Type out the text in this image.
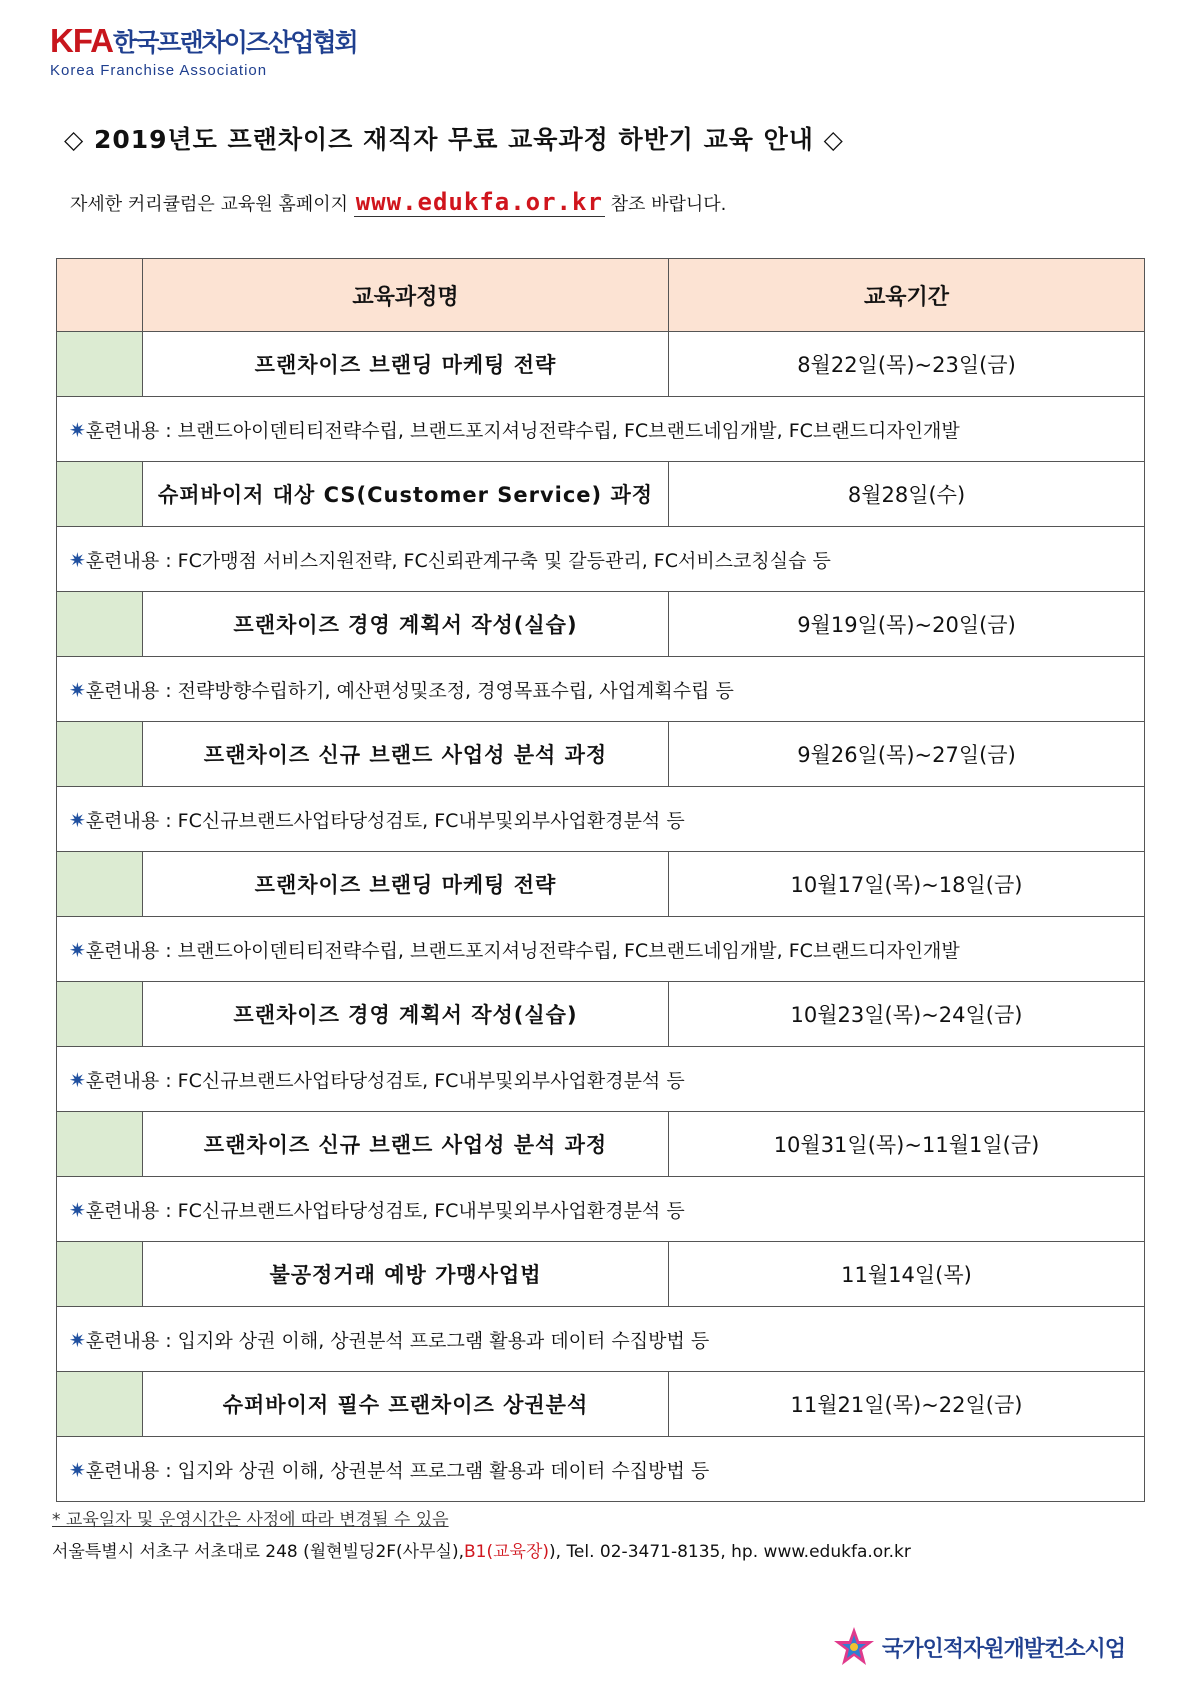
KFA한국프랜차이즈산업협회
Korea Franchise Association
◇ 2019년도 프랜차이즈 재직자 무료 교육과정 하반기 교육 안내 ◇
자세한 커리큘럼은 교육원 홈페이지 www.edukfa.or.kr 참조 바랍니다.
	교육과정명	교육기간
	프랜차이즈 브랜딩 마케팅 전략	8월22일(목)~23일(금)
✷훈련내용 : 브랜드아이덴티티전략수립, 브랜드포지셔닝전략수립, FC브랜드네임개발, FC브랜드디자인개발		
	슈퍼바이저 대상 CS(Customer Service) 과정	8월28일(수)
✷훈련내용 : FC가맹점 서비스지원전략, FC신뢰관계구축 및 갈등관리, FC서비스코칭실습 등		
	프랜차이즈 경영 계획서 작성(실습)	9월19일(목)~20일(금)
✷훈련내용 : 전략방향수립하기, 예산편성및조정, 경영목표수립, 사업계획수립 등		
	프랜차이즈 신규 브랜드 사업성 분석 과정	9월26일(목)~27일(금)
✷훈련내용 : FC신규브랜드사업타당성검토, FC내부및외부사업환경분석 등		
	프랜차이즈 브랜딩 마케팅 전략	10월17일(목)~18일(금)
✷훈련내용 : 브랜드아이덴티티전략수립, 브랜드포지셔닝전략수립, FC브랜드네임개발, FC브랜드디자인개발		
	프랜차이즈 경영 계획서 작성(실습)	10월23일(목)~24일(금)
✷훈련내용 : FC신규브랜드사업타당성검토, FC내부및외부사업환경분석 등		
	프랜차이즈 신규 브랜드 사업성 분석 과정	10월31일(목)~11월1일(금)
✷훈련내용 : FC신규브랜드사업타당성검토, FC내부및외부사업환경분석 등		
	불공정거래 예방 가맹사업법	11월14일(목)
✷훈련내용 : 입지와 상권 이해, 상권분석 프로그램 활용과 데이터 수집방법 등		
	슈퍼바이저 필수 프랜차이즈 상권분석	11월21일(목)~22일(금)
✷훈련내용 : 입지와 상권 이해, 상권분석 프로그램 활용과 데이터 수집방법 등		
* 교육일자 및 운영시간은 사정에 따라 변경될 수 있음
서울특별시 서초구 서초대로 248 (월현빌딩2F(사무실),B1(교육장)), Tel. 02-3471-8135, hp. www.edukfa.or.kr
국가인적자원개발컨소시엄
